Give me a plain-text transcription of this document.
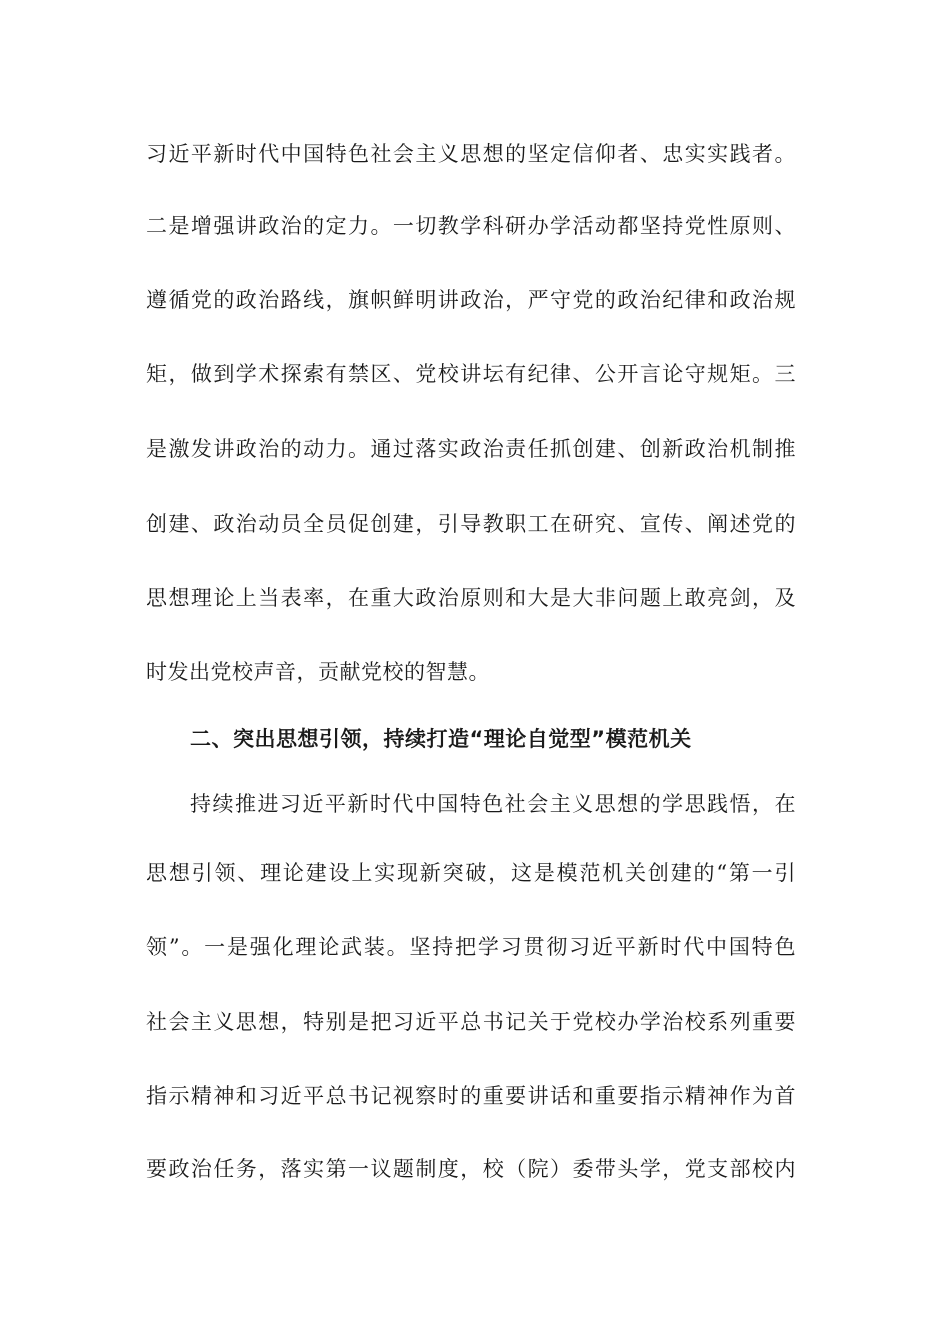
习近平新时代中国特色社会主义思想的坚定信仰者、忠实实践者。
二是增强讲政治的定力。一切教学科研办学活动都坚持党性原则、
遵循党的政治路线，旗帜鲜明讲政治，严守党的政治纪律和政治规
矩，做到学术探索有禁区、党校讲坛有纪律、公开言论守规矩。三
是激发讲政治的动力。通过落实政治责任抓创建、创新政治机制推
创建、政治动员全员促创建，引导教职工在研究、宣传、阐述党的
思想理论上当表率，在重大政治原则和大是大非问题上敢亮剑，及
时发出党校声音，贡献党校的智慧。
二、突出思想引领，持续打造“理论自觉型”模范机关
持续推进习近平新时代中国特色社会主义思想的学思践悟，在
思想引领、理论建设上实现新突破，这是模范机关创建的“第一引
领”。一是强化理论武装。坚持把学习贯彻习近平新时代中国特色
社会主义思想，特别是把习近平总书记关于党校办学治校系列重要
指示精神和习近平总书记视察时的重要讲话和重要指示精神作为首
要政治任务，落实第一议题制度，校（院）委带头学，党支部校内
